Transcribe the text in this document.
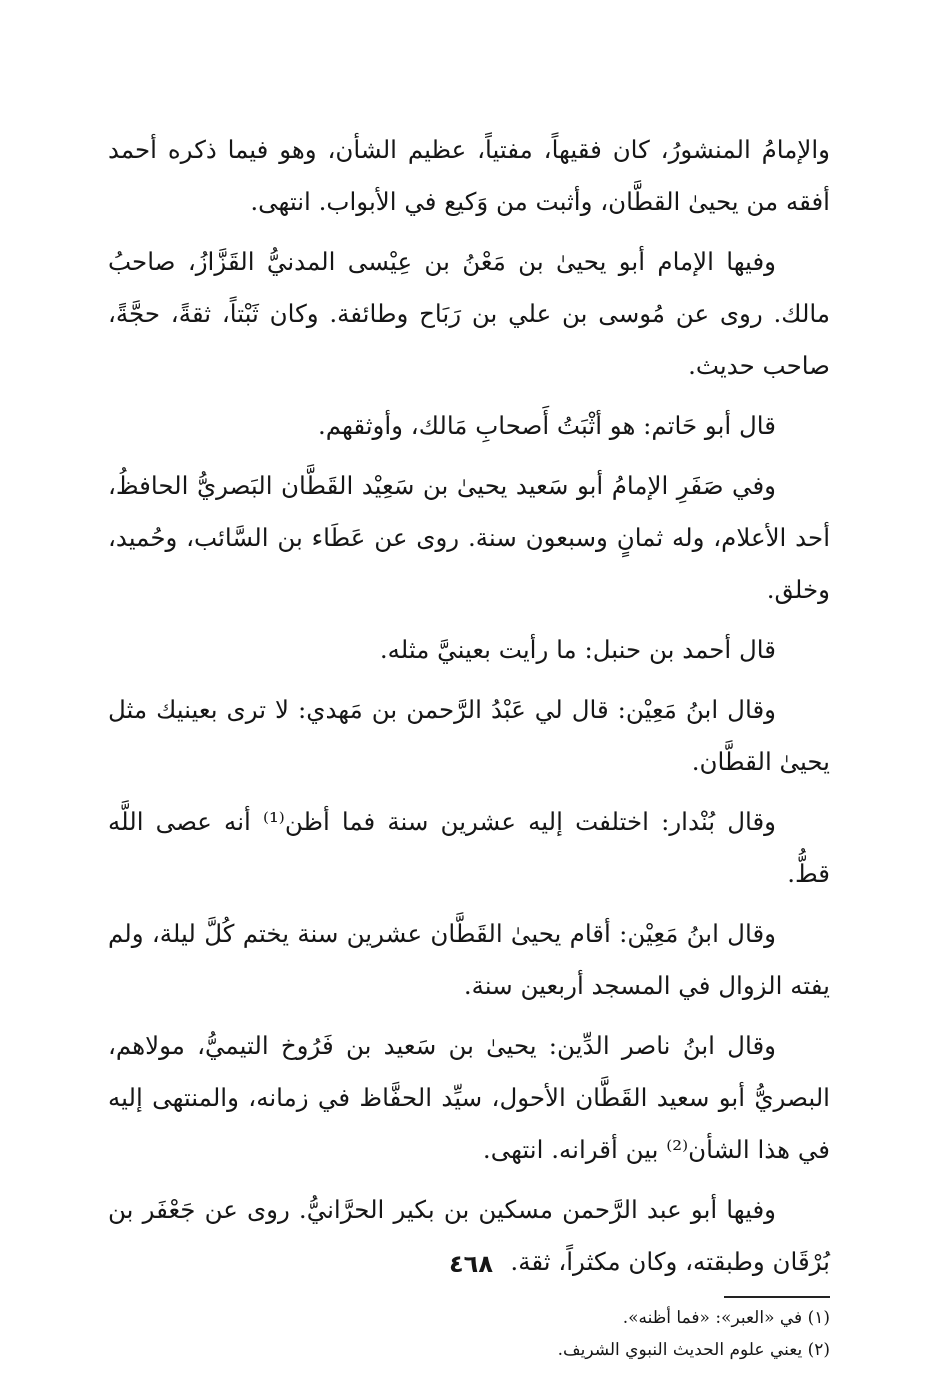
والإمامُ المنشورُ، كان فقيهاً، مفتياً، عظيم الشأن، وهو فيما ذكره أحمد أفقه من يحيىٰ القطَّان، وأثبت من وَكيع في الأبواب. انتهى.

وفيها الإمام أبو يحيىٰ بن مَعْنُ بن عِيْسى المدنيُّ القَزَّازُ، صاحبُ مالك. روى عن مُوسى بن علي بن رَبَاح وطائفة. وكان ثَبْتاً، ثقةً، حجَّةً، صاحب حديث.

قال أبو حَاتم: هو أثْبَتُ أَصحابِ مَالك، وأوثقهم.

وفي صَفَرِ الإمامُ أبو سَعيد يحيىٰ بن سَعِيْد القَطَّان البَصريُّ الحافظُ، أحد الأعلام، وله ثمانٍ وسبعون سنة. روى عن عَطَاء بن السَّائب، وحُميد، وخلق.

قال أحمد بن حنبل: ما رأيت بعينيَّ مثله.

وقال ابنُ مَعِيْن: قال لي عَبْدُ الرَّحمن بن مَهدي: لا ترى بعينيك مثل يحيىٰ القطَّان.

وقال بُنْدار: اختلفت إليه عشرين سنة فما أظن⁽¹⁾ أنه عصى اللَّه قطُّ.

وقال ابنُ مَعِيْن: أقام يحيىٰ القَطَّان عشرين سنة يختم كُلَّ ليلة، ولم يفته الزوال في المسجد أربعين سنة.

وقال ابنُ ناصر الدِّين: يحيىٰ بن سَعيد بن فَرُوخ التيميُّ، مولاهم، البصريُّ أبو سعيد القَطَّان الأحول، سيِّد الحفَّاظ في زمانه، والمنتهى إليه في هذا الشأن⁽²⁾ بين أقرانه. انتهى.

وفيها أبو عبد الرَّحمن مسكين بن بكير الحرَّانيُّ. روى عن جَعْفَر بن بُرْقَان وطبقته، وكان مكثراً، ثقة.

(١) في «العبر»: «فما أظنه».

(٢) يعني علوم الحديث النبوي الشريف.

٤٦٨
